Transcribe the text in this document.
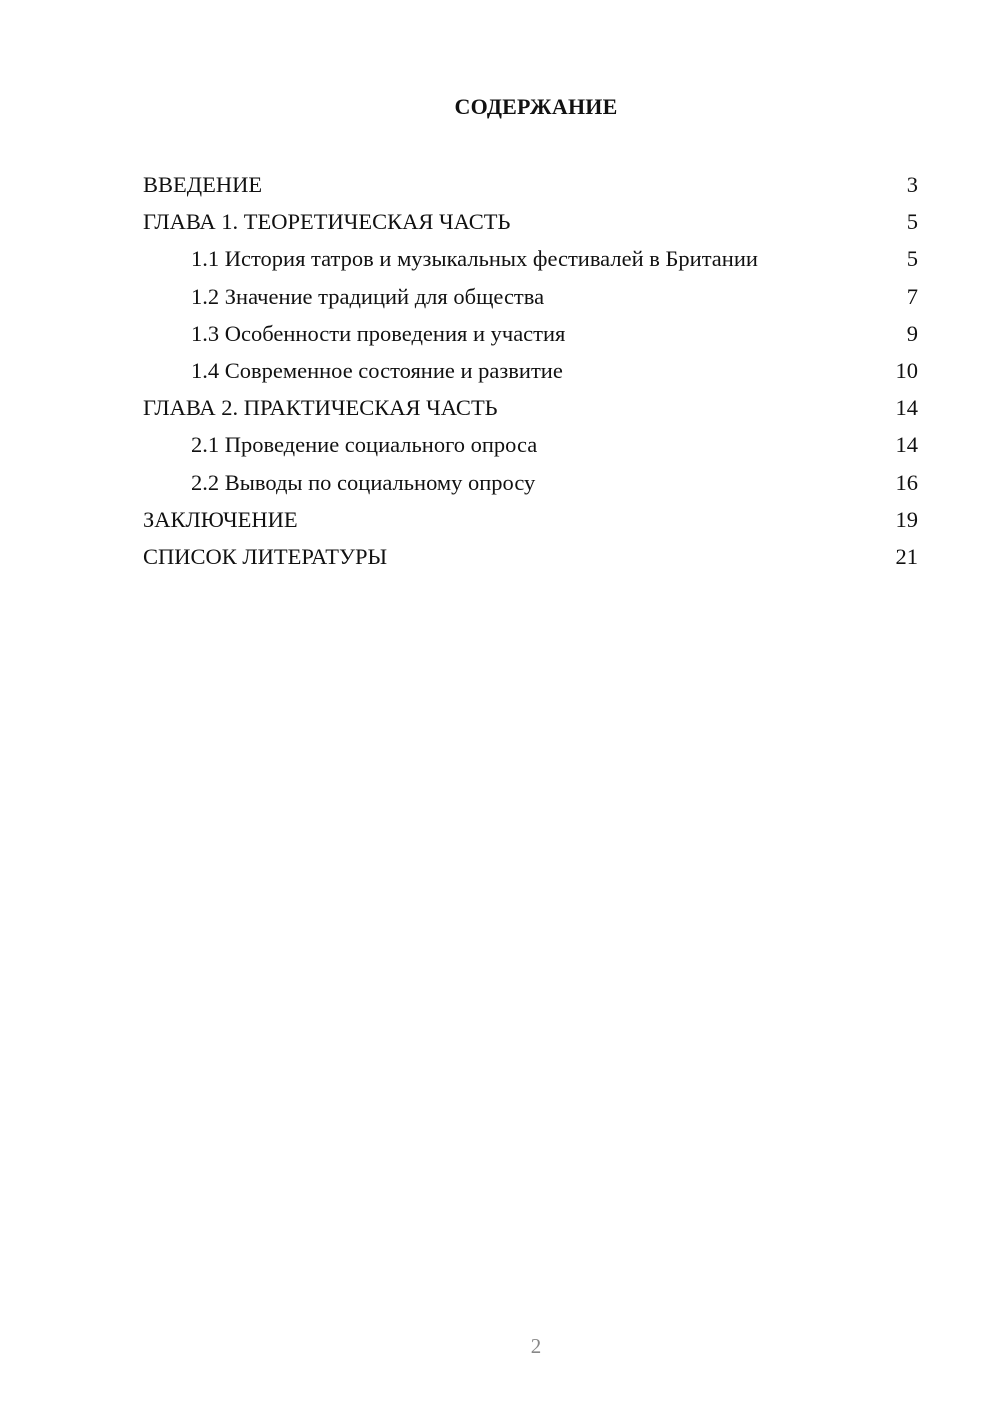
СОДЕРЖАНИЕ
ВВЕДЕНИЕ	3
ГЛАВА 1. ТЕОРЕТИЧЕСКАЯ ЧАСТЬ	5
1.1 История татров и музыкальных фестивалей в Британии	5
1.2 Значение традиций для общества	7
1.3 Особенности проведения и участия	9
1.4 Современное состояние и развитие	10
ГЛАВА 2. ПРАКТИЧЕСКАЯ ЧАСТЬ	14
2.1 Проведение социального опроса	14
2.2 Выводы по социальному опросу	16
ЗАКЛЮЧЕНИЕ	19
СПИСОК ЛИТЕРАТУРЫ	21
2
